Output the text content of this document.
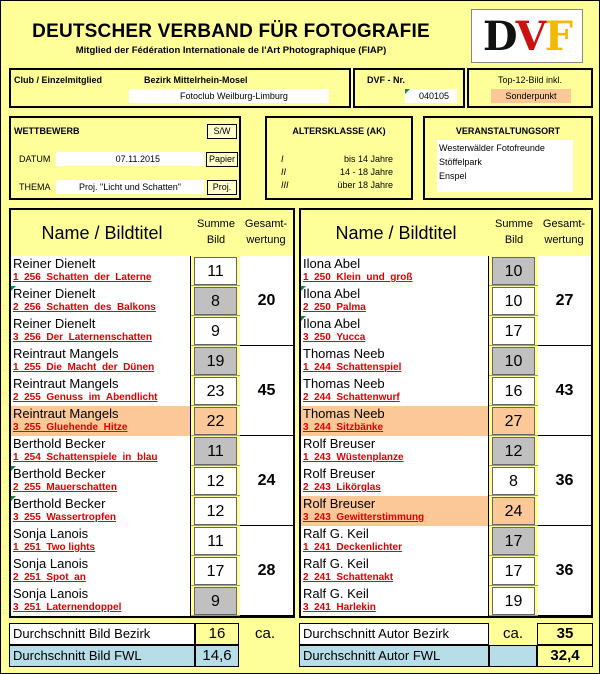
DEUTSCHER VERBAND FÜR FOTOGRAFIE
Mitglied der Fédération Internationale de l'Art Photographique (FIAP)	D V F
Club / Einzelmitglied	Bezirk Mittelrhein-Mosel
Fotoclub Weilburg-Limburg
DVF - Nr.
040105
Top-12-Bild inkl.
Sonderpunkt
WETTBEWERB	S/W
DATUM	07.11.2015	Papier
THEMA	Proj. "Licht und Schatten"	Proj.
ALTERSKLASSE (AK)
I	bis 14 Jahre
II	14 - 18 Jahre
III	über 18 Jahre
VERANSTALTUNGSORT
Westerwälder Fotofreunde
Stöffelpark
Enspel
Name / Bildtitel	Summe
Bild
Gesamt-
wertung
Reiner Dienelt
1_256_Schatten_der_Laterne	11
Reiner Dienelt
2_256_Schatten_des_Balkons	8
Reiner Dienelt
3_256_Der_Laternenschatten	9
20
Reintraut Mangels
1_255_Die_Macht_der_Dünen	19
Reintraut Mangels
2_255_Genuss_im_Abendlicht	23
Reintraut Mangels
3_255_Gluehende_Hitze	22
45
Berthold Becker
1_254_Schattenspiele_in_blau	11
Berthold Becker
2_255_Mauerschatten	12
Berthold Becker
3_255_Wassertropfen	12
24
Sonja Lanois
1_251_Two lights	11
Sonja Lanois
2_251_Spot_an	17
Sonja Lanois
3_251_Laternendoppel	9
28
Name / Bildtitel	Summe
Bild
Gesamt-
wertung
Ilona Abel
1_250_Klein_und_groß	10
Ilona Abel
2_250_Palma	10
Ilona Abel
3_250_Yucca	17
27
Thomas Neeb
1_244_Schattenspiel	10
Thomas Neeb
2_244_Schattenwurf	16
Thomas Neeb
3_244_Sitzbänke	27
43
Rolf Breuser
1_243_Wüstenplanze	12
Rolf Breuser
2_243_Likörglas	8
Rolf Breuser
3_243_Gewitterstimmung	24
36
Ralf G. Keil
1_241_Deckenlichter	17
Ralf G. Keil
2_241_Schattenakt	17
Ralf G. Keil
3_241_Harlekin	19
36
Durchschnitt Bild Bezirk	16	ca.
Durchschnitt Bild FWL	14,6
Durchschnitt Autor Bezirk	ca.	35
Durchschnitt Autor FWL	32,4
